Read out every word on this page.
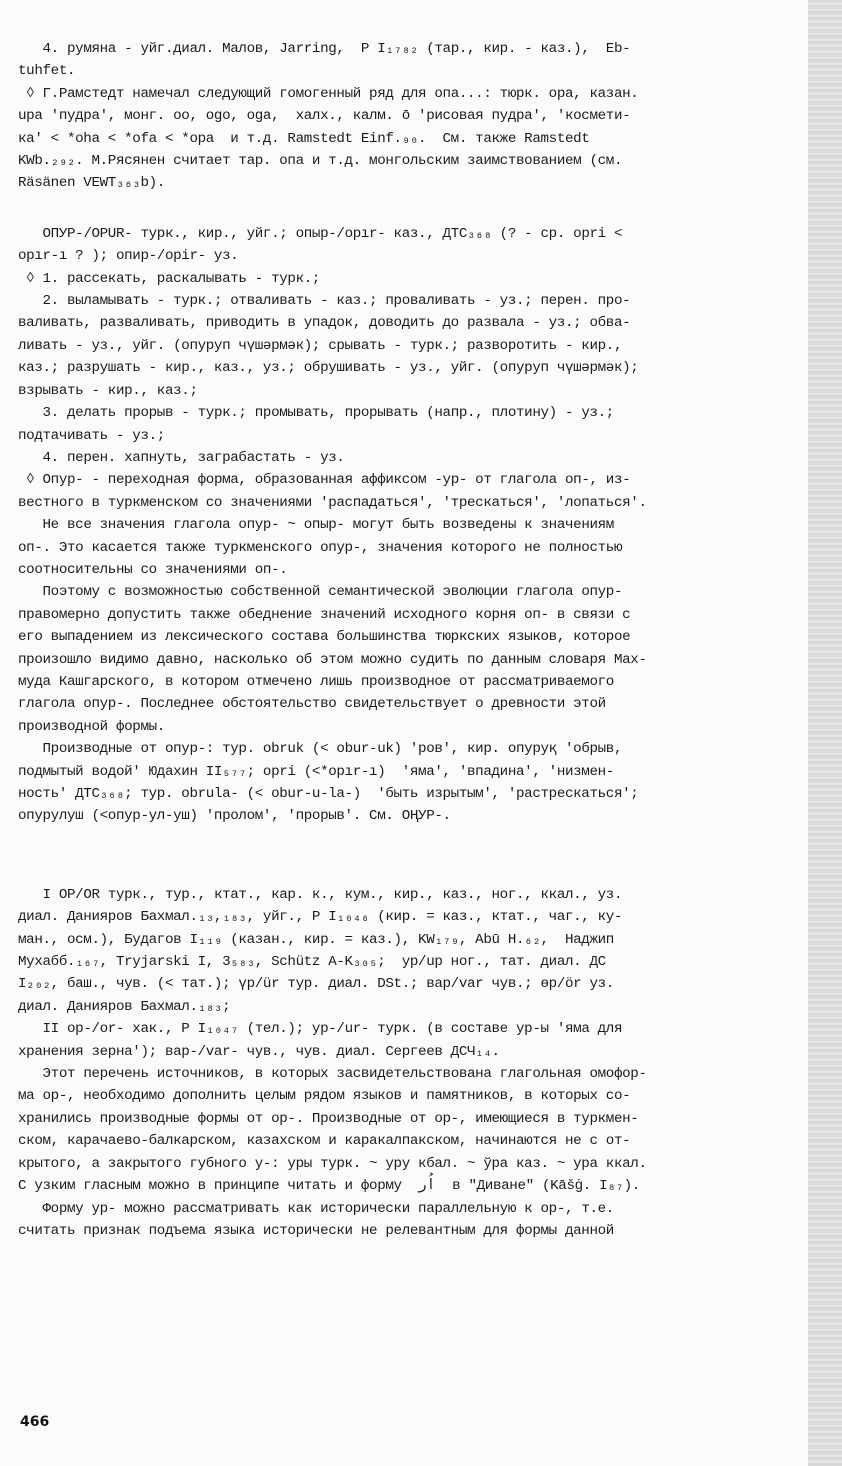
4. румяна - уйг.диал. Малов, Jarring,  P I₁₇₈₂ (тар., кир. - каз.),  Eb-

tuhfet.

◊ Г.Рамстедт намечал следующий гомогенный ряд для опа...: тюрк. opa, казан.

upa 'пудра', монг. oo, ogo, oga,  халх., калм. ō 'рисовая пудра', 'космети-

ка' < *oha < *ofa < *opa  и т.д. Ramstedt Einf.₉₀.  См. также Ramstedt

KWb.₂₉₂. М.Рясянен считает тар. опа и т.д. монгольским заимствованием (см.

Räsänen VEWT₃₆₃b).

ОПУР-/OPUR- турк., кир., уйг.; опыр-/opır- каз., ДТС₃₆₈ (? - ср. opri <

opır-ı ? ); опир-/opir- уз.

◊ 1. рассекать, раскалывать - турк.;

2. выламывать - турк.; отваливать - каз.; проваливать - уз.; перен. про-

валивать, разваливать, приводить в упадок, доводить до развала - уз.; обва-

ливать - уз., уйг. (опуруп чүшәрмәк); срывать - турк.; разворотить - кир.,

каз.; разрушать - кир., каз., уз.; обрушивать - уз., уйг. (опуруп чүшәрмәк);

взрывать - кир., каз.;

3. делать прорыв - турк.; промывать, прорывать (напр., плотину) - уз.;

подтачивать - уз.;

4. перен. хапнуть, заграбастать - уз.

◊ Опур- - переходная форма, образованная аффиксом -ур- от глагола оп-, из-

вестного в туркменском со значениями 'распадаться', 'трескаться', 'лопаться'.

Не все значения глагола опур- ~ опыр- могут быть возведены к значениям

оп-. Это касается также туркменского опур-, значения которого не полностью

соотносительны со значениями оп-.

Поэтому с возможностью собственной семантической эволюции глагола опур-

правомерно допустить также обеднение значений исходного корня оп- в связи с

его выпадением из лексического состава большинства тюркских языков, которое

произошло видимо давно, насколько об этом можно судить по данным словаря Мах-

муда Кашгарского, в котором отмечено лишь производное от рассматриваемого

глагола опур-. Последнее обстоятельство свидетельствует о древности этой

производной формы.

Производные от опур-: тур. obruk (< obur-uk) 'ров', кир. опуруқ 'обрыв,

подмытый водой' Юдахин II₅₇₇; opri (<*opır-ı)  'яма', 'впадина', 'низмен-

ность' ДТС₃₆₈; тур. obrula- (< obur-u-la-)  'быть изрытым', 'растрескаться';

опурулуш (<опур-ул-уш) 'пролом', 'прорыв'. См. ОҢУР-.

I ОР/ОR турк., тур., ктат., кар. к., кум., кир., каз., ног., ккал., уз.

диал. Данияров Бахмал.₁₃,₁₈₃, уйг., P I₁₀₄₆ (кир. = каз., ктат., чаг., ку-

ман., осм.), Будагов I₁₁₉ (казан., кир. = каз.), KW₁₇₉, Abū H.₆₂,  Наджип

Мухабб.₁₆₇, Tryjarski I, 3₅₈₃, Schütz A-K₃₀₅;  ур/up ног., тат. диал. ДС

I₂₀₂, баш., чув. (< тат.); үр/ür тур. диал. DSt.; вар/var чув.; өр/ör уз.

диал. Данияров Бахмал.₁₈₃;

II ор-/or- хак., P I₁₀₄₇ (тел.); ур-/ur- турк. (в составе ур-ы 'яма для

хранения зерна'); вар-/var- чув., чув. диал. Сергеев ДСЧ₁₄.

Этот перечень источников, в которых засвидетельствована глагольная омофор-

ма ор-, необходимо дополнить целым рядом языков и памятников, в которых со-

хранились производные формы от ор-. Производные от ор-, имеющиеся в туркмен-

ском, карачаево-балкарском, казахском и каракалпакском, начинаются не с от-

крытого, а закрытого губного у-: уры турк. ~ уру кбал. ~ ўра каз. ~ ура ккал.

С узким гласным можно в принципе читать и форму  اُر  в "Диване" (Kāšġ. I₈₇).

Форму ур- можно рассматривать как исторически параллельную к ор-, т.е.

считать признак подъема языка исторически не релевантным для формы данной

466
